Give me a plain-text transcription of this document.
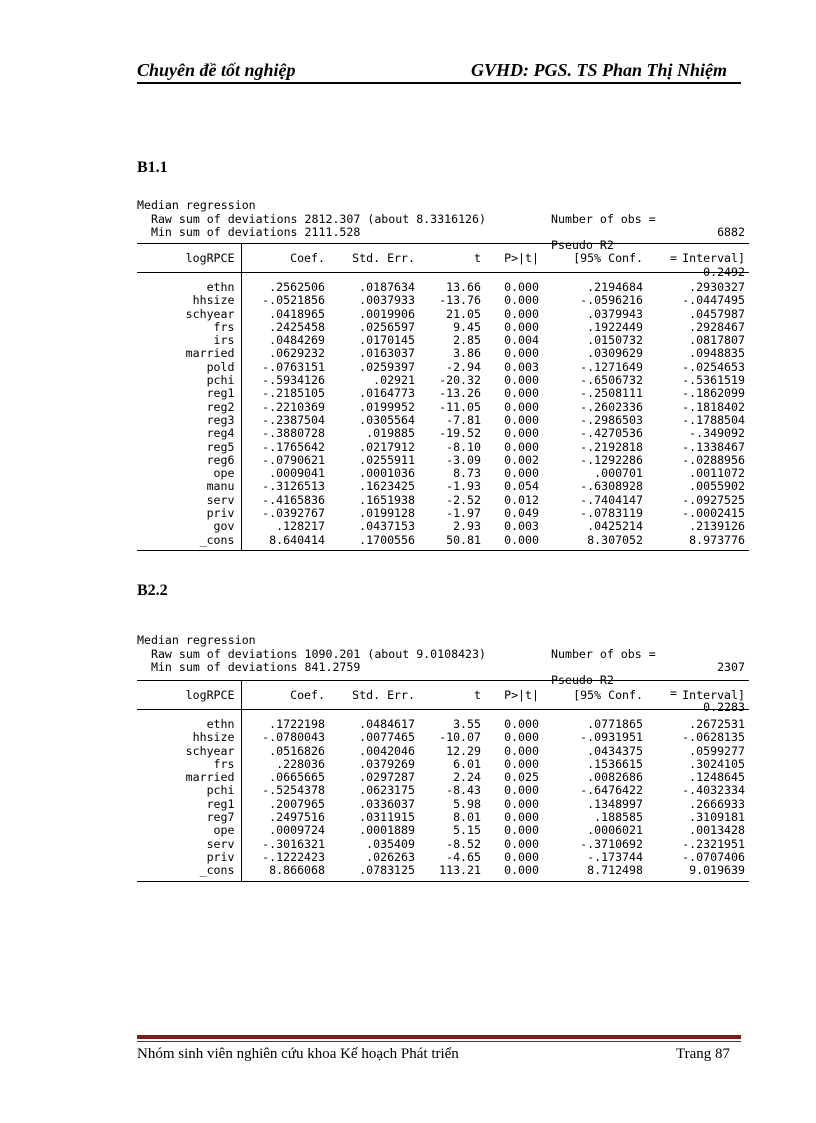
Chuyên đề tốt nghiệp	GVHD: PGS. TS Phan Thị Nhiệm
B1.1

Median regression

Number of obs =

6882

Raw sum of deviations 2812.307 (about 8.3316126)

Min sum of deviations 2111.528

Pseudo R2

=

0.2492

logRPCE	Coef.	Std. Err.	t	P>|t|	[95% Conf.	Interval]
ethn	.2562506	.0187634	13.66	0.000	.2194684	.2930327
hhsize	-.0521856	.0037933	-13.76	0.000	-.0596216	-.0447495
schyear	.0418965	.0019906	21.05	0.000	.0379943	.0457987
frs	.2425458	.0256597	9.45	0.000	.1922449	.2928467
irs	.0484269	.0170145	2.85	0.004	.0150732	.0817807
married	.0629232	.0163037	3.86	0.000	.0309629	.0948835
pold	-.0763151	.0259397	-2.94	0.003	-.1271649	-.0254653
pchi	-.5934126	.02921	-20.32	0.000	-.6506732	-.5361519
reg1	-.2185105	.0164773	-13.26	0.000	-.2508111	-.1862099
reg2	-.2210369	.0199952	-11.05	0.000	-.2602336	-.1818402
reg3	-.2387504	.0305564	-7.81	0.000	-.2986503	-.1788504
reg4	-.3880728	.019885	-19.52	0.000	-.4270536	-.349092
reg5	-.1765642	.0217912	-8.10	0.000	-.2192818	-.1338467
reg6	-.0790621	.0255911	-3.09	0.002	-.1292286	-.0288956
ope	.0009041	.0001036	8.73	0.000	.000701	.0011072
manu	-.3126513	.1623425	-1.93	0.054	-.6308928	.0055902
serv	-.4165836	.1651938	-2.52	0.012	-.7404147	-.0927525
priv	-.0392767	.0199128	-1.97	0.049	-.0783119	-.0002415
gov	.128217	.0437153	2.93	0.003	.0425214	.2139126
_cons	8.640414	.1700556	50.81	0.000	8.307052	8.973776
B2.2

Median regression

Number of obs =

2307

Raw sum of deviations 1090.201 (about 9.0108423)

Min sum of deviations 841.2759

Pseudo R2

=

0.2283

logRPCE	Coef.	Std. Err.	t	P>|t|	[95% Conf.	Interval]
ethn	.1722198	.0484617	3.55	0.000	.0771865	.2672531
hhsize	-.0780043	.0077465	-10.07	0.000	-.0931951	-.0628135
schyear	.0516826	.0042046	12.29	0.000	.0434375	.0599277
frs	.228036	.0379269	6.01	0.000	.1536615	.3024105
married	.0665665	.0297287	2.24	0.025	.0082686	.1248645
pchi	-.5254378	.0623175	-8.43	0.000	-.6476422	-.4032334
reg1	.2007965	.0336037	5.98	0.000	.1348997	.2666933
reg7	.2497516	.0311915	8.01	0.000	.188585	.3109181
ope	.0009724	.0001889	5.15	0.000	.0006021	.0013428
serv	-.3016321	.035409	-8.52	0.000	-.3710692	-.2321951
priv	-.1222423	.026263	-4.65	0.000	-.173744	-.0707406
_cons	8.866068	.0783125	113.21	0.000	8.712498	9.019639
Nhóm sinh viên nghiên cứu khoa Kế hoạch Phát triển	Trang 87
